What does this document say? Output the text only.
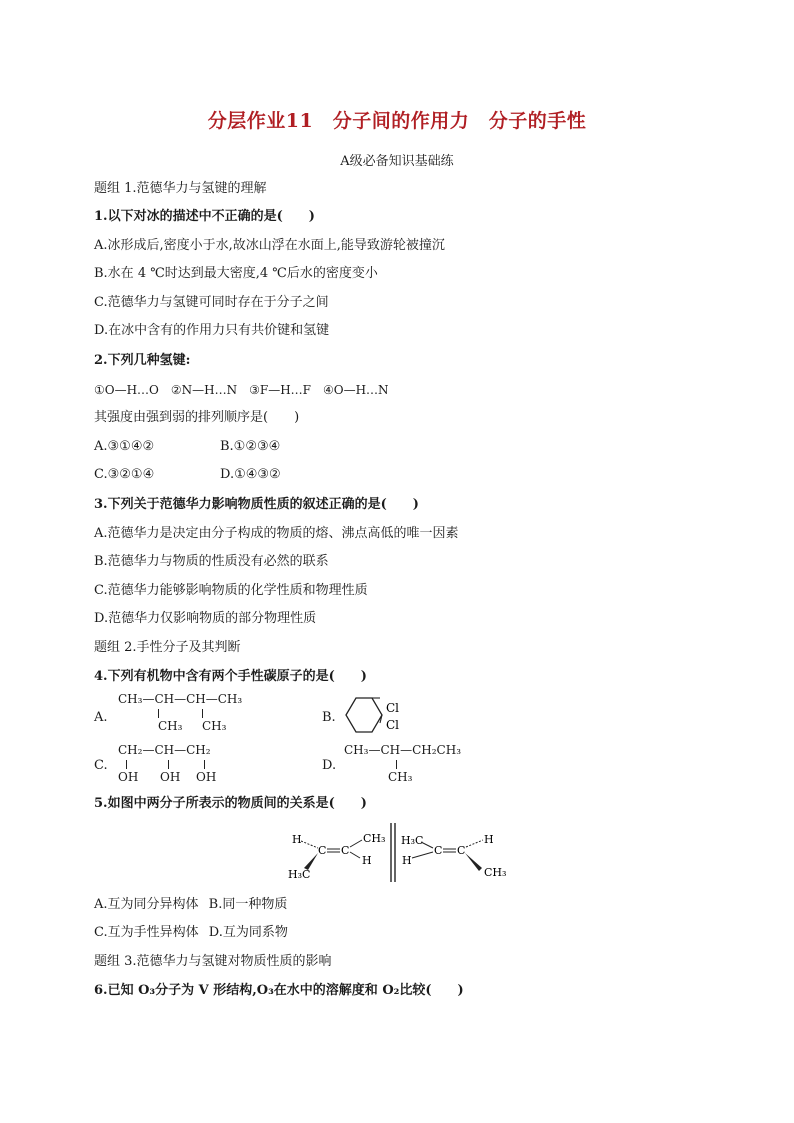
分层作业11　分子间的作用力　分子的手性
A级必备知识基础练
题组 1.范德华力与氢键的理解
1.以下对冰的描述中不正确的是(　　)
A.冰形成后,密度小于水,故冰山浮在水面上,能导致游轮被撞沉
B.水在 4 ℃时达到最大密度,4 ℃后水的密度变小
C.范德华力与氢键可同时存在于分子之间
D.在冰中含有的作用力只有共价键和氢键
2.下列几种氢键:
①O—H…O　②N—H…N　③F—H…F　④O—H…N
其强度由强到弱的排列顺序是(　　)
A.③①④②	B.①②③④
C.③②①④	D.①④③②
3.下列关于范德华力影响物质性质的叙述正确的是(　　)
A.范德华力是决定由分子构成的物质的熔、沸点高低的唯一因素
B.范德华力与物质的性质没有必然的联系
C.范德华力能够影响物质的化学性质和物理性质
D.范德华力仅影响物质的部分物理性质
题组 2.手性分子及其判断
4.下列有机物中含有两个手性碳原子的是(　　)
A.
CH₃—CH—CH—CH₃
CH₃ CH₃
B.
Cl
Cl
C.
CH₂—CH—CH₂
OH OH OH
D.
CH₃—CH—CH₂CH₃
CH₃
5.如图中两分子所表示的物质间的关系是(　　)
H
C C
CH₃
H
H₃C
H₃C
H
C C
H
CH₃
A.互为同分异构体 B.同一种物质
C.互为手性异构体 D.互为同系物
题组 3.范德华力与氢键对物质性质的影响
6.已知 O₃分子为 V 形结构,O₃在水中的溶解度和 O₂比较(　　)
